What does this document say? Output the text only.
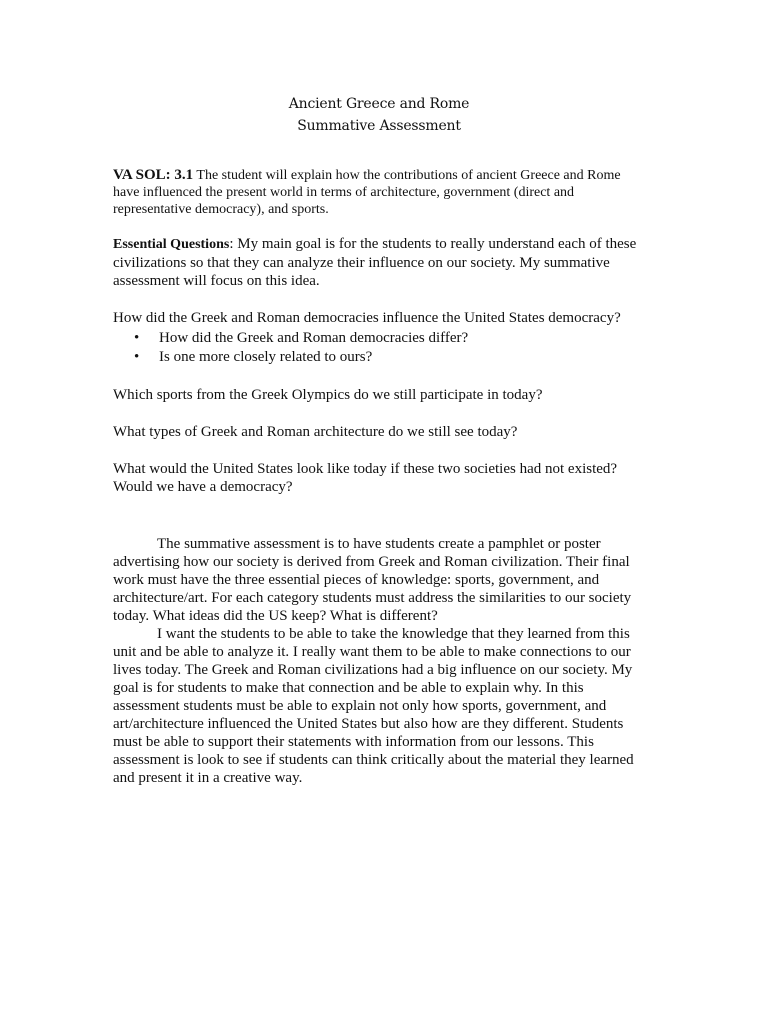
Ancient Greece and Rome
Summative Assessment
VA SOL: 3.1 The student will explain how the contributions of ancient Greece and Rome have influenced the present world in terms of architecture, government (direct and representative democracy), and sports.
Essential Questions: My main goal is for the students to really understand each of these civilizations so that they can analyze their influence on our society. My summative assessment will focus on this idea.
How did the Greek and Roman democracies influence the United States democracy?
• How did the Greek and Roman democracies differ?
• Is one more closely related to ours?
Which sports from the Greek Olympics do we still participate in today?
What types of Greek and Roman architecture do we still see today?
What would the United States look like today if these two societies had not existed? Would we have a democracy?

The summative assessment is to have students create a pamphlet or poster advertising how our society is derived from Greek and Roman civilization. Their final work must have the three essential pieces of knowledge: sports, government, and architecture/art. For each category students must address the similarities to our society today. What ideas did the US keep? What is different?

I want the students to be able to take the knowledge that they learned from this unit and be able to analyze it. I really want them to be able to make connections to our lives today. The Greek and Roman civilizations had a big influence on our society. My goal is for students to make that connection and be able to explain why. In this assessment students must be able to explain not only how sports, government, and art/architecture influenced the United States but also how are they different. Students must be able to support their statements with information from our lessons. This assessment is look to see if students can think critically about the material they learned and present it in a creative way.
